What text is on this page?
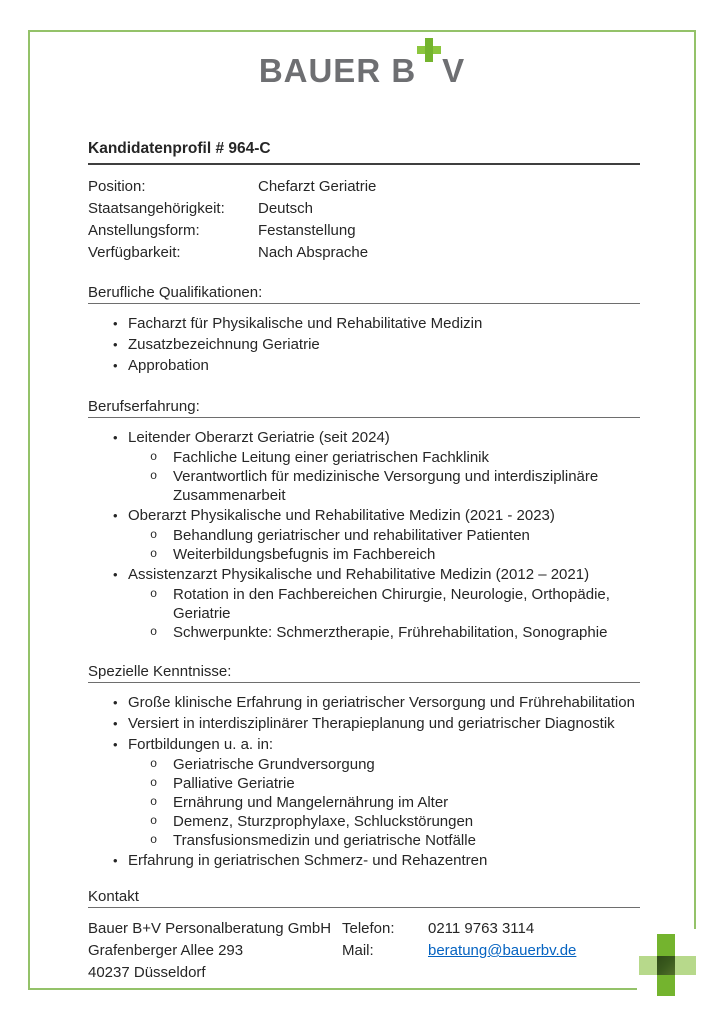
BAUER B V
Kandidatenprofil # 964-C
Position:	Chefarzt Geriatrie
Staatsangehörigkeit:	Deutsch
Anstellungsform:	Festanstellung
Verfügbarkeit:	Nach Absprache
Berufliche Qualifikationen:
• Facharzt für Physikalische und Rehabilitative Medizin
• Zusatzbezeichnung Geriatrie
• Approbation
Berufserfahrung:
• Leitender Oberarzt Geriatrie (seit 2024)
o Fachliche Leitung einer geriatrischen Fachklinik
o Verantwortlich für medizinische Versorgung und interdisziplinäre Zusammenarbeit
• Oberarzt Physikalische und Rehabilitative Medizin (2021 - 2023)
o Behandlung geriatrischer und rehabilitativer Patienten
o Weiterbildungsbefugnis im Fachbereich
• Assistenzarzt Physikalische und Rehabilitative Medizin (2012 – 2021)
o Rotation in den Fachbereichen Chirurgie, Neurologie, Orthopädie, Geriatrie
o Schwerpunkte: Schmerztherapie, Frührehabilitation, Sonographie
Spezielle Kenntnisse:
• Große klinische Erfahrung in geriatrischer Versorgung und Frührehabilitation
• Versiert in interdisziplinärer Therapieplanung und geriatrischer Diagnostik
• Fortbildungen u. a. in:
o Geriatrische Grundversorgung
o Palliative Geriatrie
o Ernährung und Mangelernährung im Alter
o Demenz, Sturzprophylaxe, Schluckstörungen
o Transfusionsmedizin und geriatrische Notfälle
• Erfahrung in geriatrischen Schmerz- und Rehazentren
Kontakt
Bauer B+V Personalberatung GmbH
Grafenberger Allee 293
40237 Düsseldorf
Telefon:	0211 9763 3114
Mail:	beratung@bauerbv.de
